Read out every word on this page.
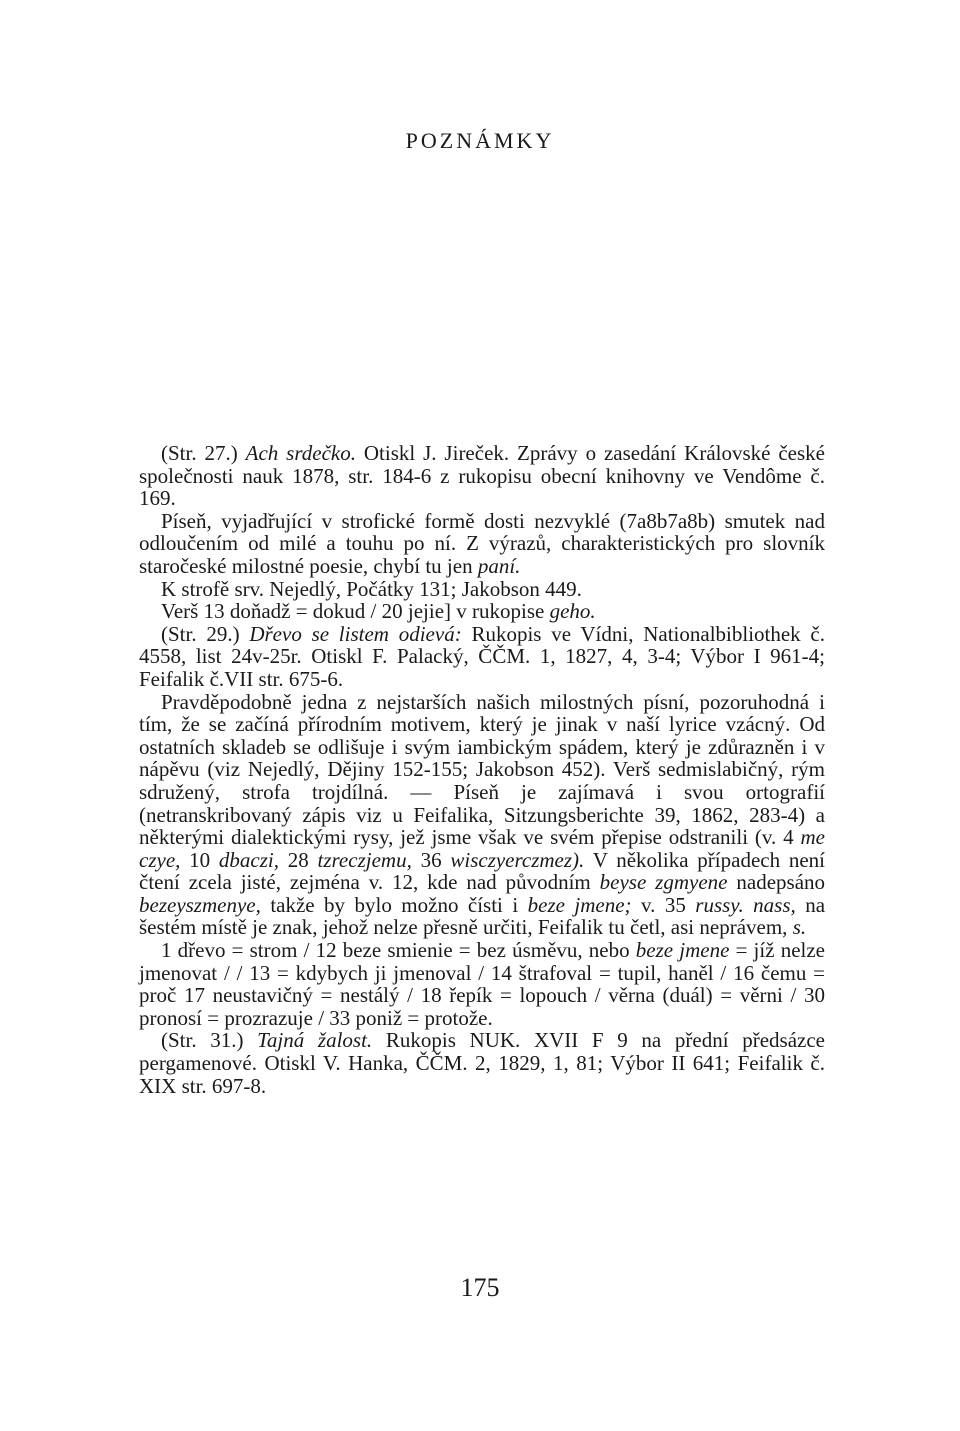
POZNÁMKY

(Str. 27.) Ach srdečko. Otiskl J. Jireček. Zprávy o zasedání Královské české společnosti nauk 1878, str. 184-6 z rukopisu obecní knihovny ve Vendôme č. 169.

Píseň, vyjadřující v strofické formě dosti nezvyklé (7a8b7a8b) smutek nad odloučením od milé a touhu po ní. Z výrazů, charakteristických pro slovník staročeské milostné poesie, chybí tu jen paní.

K strofě srv. Nejedlý, Počátky 131; Jakobson 449.

Verš 13 doňadž = dokud / 20 jejie] v rukopise geho.

(Str. 29.) Dřevo se listem odievá: Rukopis ve Vídni, Nationalbibliothek č. 4558, list 24v-25r. Otiskl F. Palacký, ČČM. 1, 1827, 4, 3-4; Výbor I 961-4; Feifalik č.VII str. 675-6.

Pravděpodobně jedna z nejstarších našich milostných písní, pozoruhodná i tím, že se začíná přírodním motivem, který je jinak v naší lyrice vzácný. Od ostatních skladeb se odlišuje i svým iambickým spádem, který je zdůrazněn i v nápěvu (viz Nejedlý, Dějiny 152-155; Jakobson 452). Verš sedmislabičný, rým sdružený, strofa trojdílná. — Píseň je zajímavá i svou ortografií (netranskribovaný zápis viz u Feifalika, Sitzungsberichte 39, 1862, 283-4) a některými dialektickými rysy, jež jsme však ve svém přepise odstranili (v. 4 me czye, 10 dbaczi, 28 tzreczjemu, 36 wisczyerczmez). V několika případech není čtení zcela jisté, zejména v. 12, kde nad původním beyse zgmyene nadepsáno bezeyszmenye, takže by bylo možno čísti i beze jmene; v. 35 russy. nass, na šestém místě je znak, jehož nelze přesně určiti, Feifalik tu četl, asi neprávem, s.

1 dřevo = strom / 12 beze smienie = bez úsměvu, nebo beze jmene = jíž nelze jmenovat / / 13 = kdybych ji jmenoval / 14 štrafoval = tupil, haněl / 16 čemu = proč 17 neustavičný = nestálý / 18 řepík = lopouch / věrna (duál) = věrni / 30 pronosí = prozrazuje / 33 poniž = protože.

(Str. 31.) Tajná žalost. Rukopis NUK. XVII F 9 na přední předsázce pergamenové. Otiskl V. Hanka, ČČM. 2, 1829, 1, 81; Výbor II 641; Feifalik č. XIX str. 697-8.

175
